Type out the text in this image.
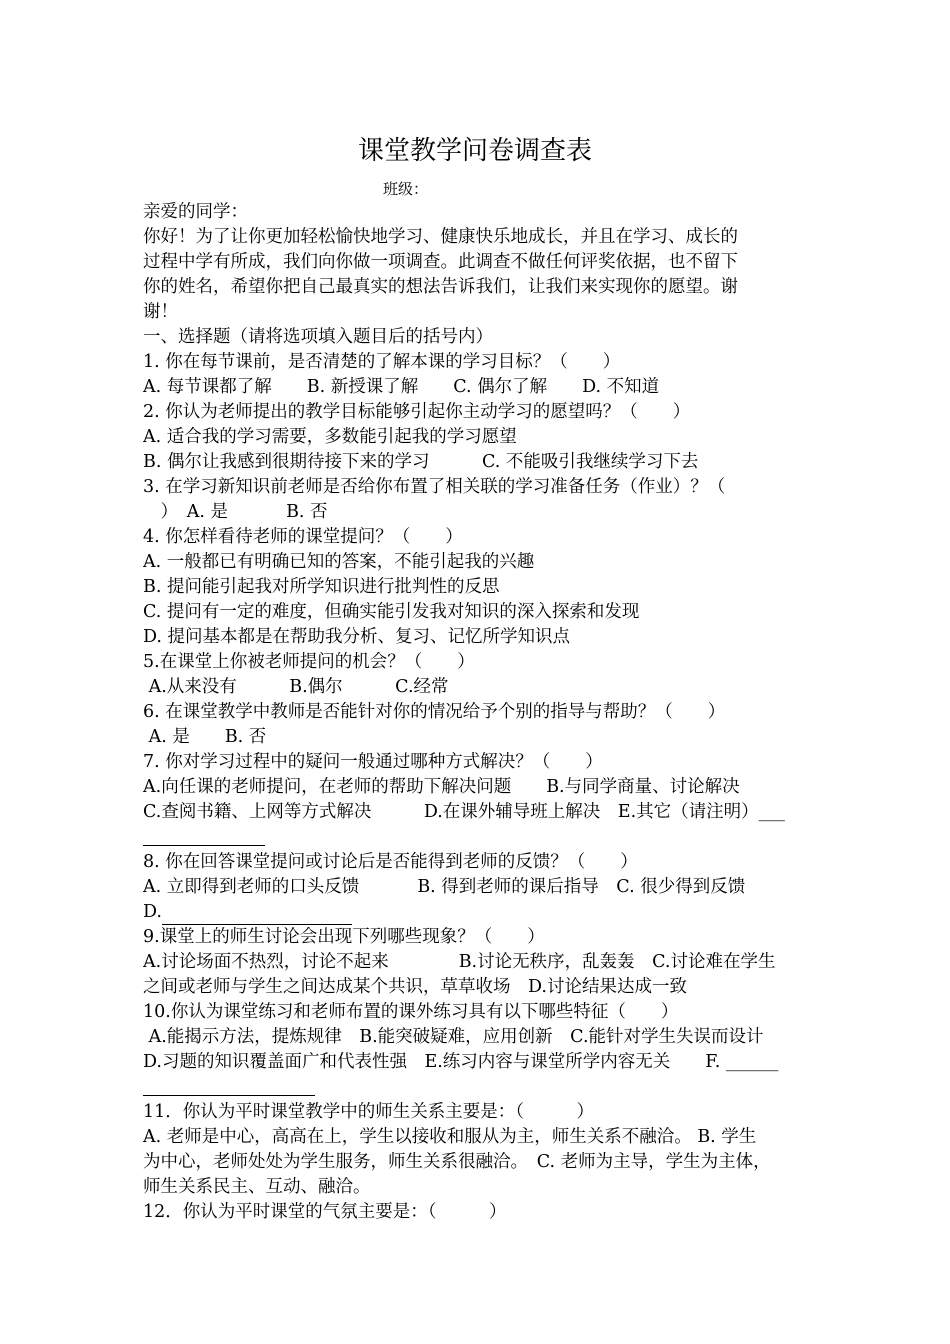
课堂教学问卷调查表
班级：
亲爱的同学：
你好！为了让你更加轻松愉快地学习、健康快乐地成长，并且在学习、成长的
过程中学有所成，我们向你做一项调查。此调查不做任何评奖依据，也不留下
你的姓名，希望你把自己最真实的想法告诉我们，让我们来实现你的愿望。谢
谢！
一、选择题（请将选项填入题目后的括号内）
1. 你在每节课前，是否清楚的了解本课的学习目标？（　　）
A. 每节课都了解　　B. 新授课了解　　C. 偶尔了解　　D. 不知道
2. 你认为老师提出的教学目标能够引起你主动学习的愿望吗？（　　）
A. 适合我的学习需要，多数能引起我的学习愿望
B. 偶尔让我感到很期待接下来的学习　　　C. 不能吸引我继续学习下去
3. 在学习新知识前老师是否给你布置了相关联的学习准备任务（作业）？（
　）　A. 是　　　 B. 否
4. 你怎样看待老师的课堂提问？（　　）
A. 一般都已有明确已知的答案，不能引起我的兴趣
B. 提问能引起我对所学知识进行批判性的反思
C. 提问有一定的难度，但确实能引发我对知识的深入探索和发现
D. 提问基本都是在帮助我分析、复习、记忆所学知识点
5.在课堂上你被老师提问的机会？（　　）
A.从来没有　　　B.偶尔　　　C.经常
6. 在课堂教学中教师是否能针对你的情况给予个别的指导与帮助？（　　）
A. 是　　B. 否
7. 你对学习过程中的疑问一般通过哪种方式解决？（　　）
A.向任课的老师提问，在老师的帮助下解决问题　　B.与同学商量、讨论解决
C.查阅书籍、上网等方式解决　　　D.在课外辅导班上解决　E.其它（请注明）___
8. 你在回答课堂提问或讨论后是否能得到老师的反馈？（　　）
A. 立即得到老师的口头反馈　　　 B. 得到老师的课后指导　C. 很少得到反馈
D.
9.课堂上的师生讨论会出现下列哪些现象？（　　）
A.讨论场面不热烈，讨论不起来　　　　B.讨论无秩序，乱轰轰　C.讨论难在学生
之间或老师与学生之间达成某个共识，草草收场　D.讨论结果达成一致
10.你认为课堂练习和老师布置的课外练习具有以下哪些特征（　　）
A.能揭示方法，提炼规律　B.能突破疑难，应用创新　C.能针对学生失误而设计
D.习题的知识覆盖面广和代表性强　E.练习内容与课堂所学内容无关　　F. ______
11．你认为平时课堂教学中的师生关系主要是：（　　　）
A. 老师是中心，高高在上，学生以接收和服从为主，师生关系不融洽。 B. 学生
为中心，老师处处为学生服务，师生关系很融洽。　C. 老师为主导，学生为主体，
师生关系民主、互动、融洽。
12．你认为平时课堂的气氛主要是：（　　　）
